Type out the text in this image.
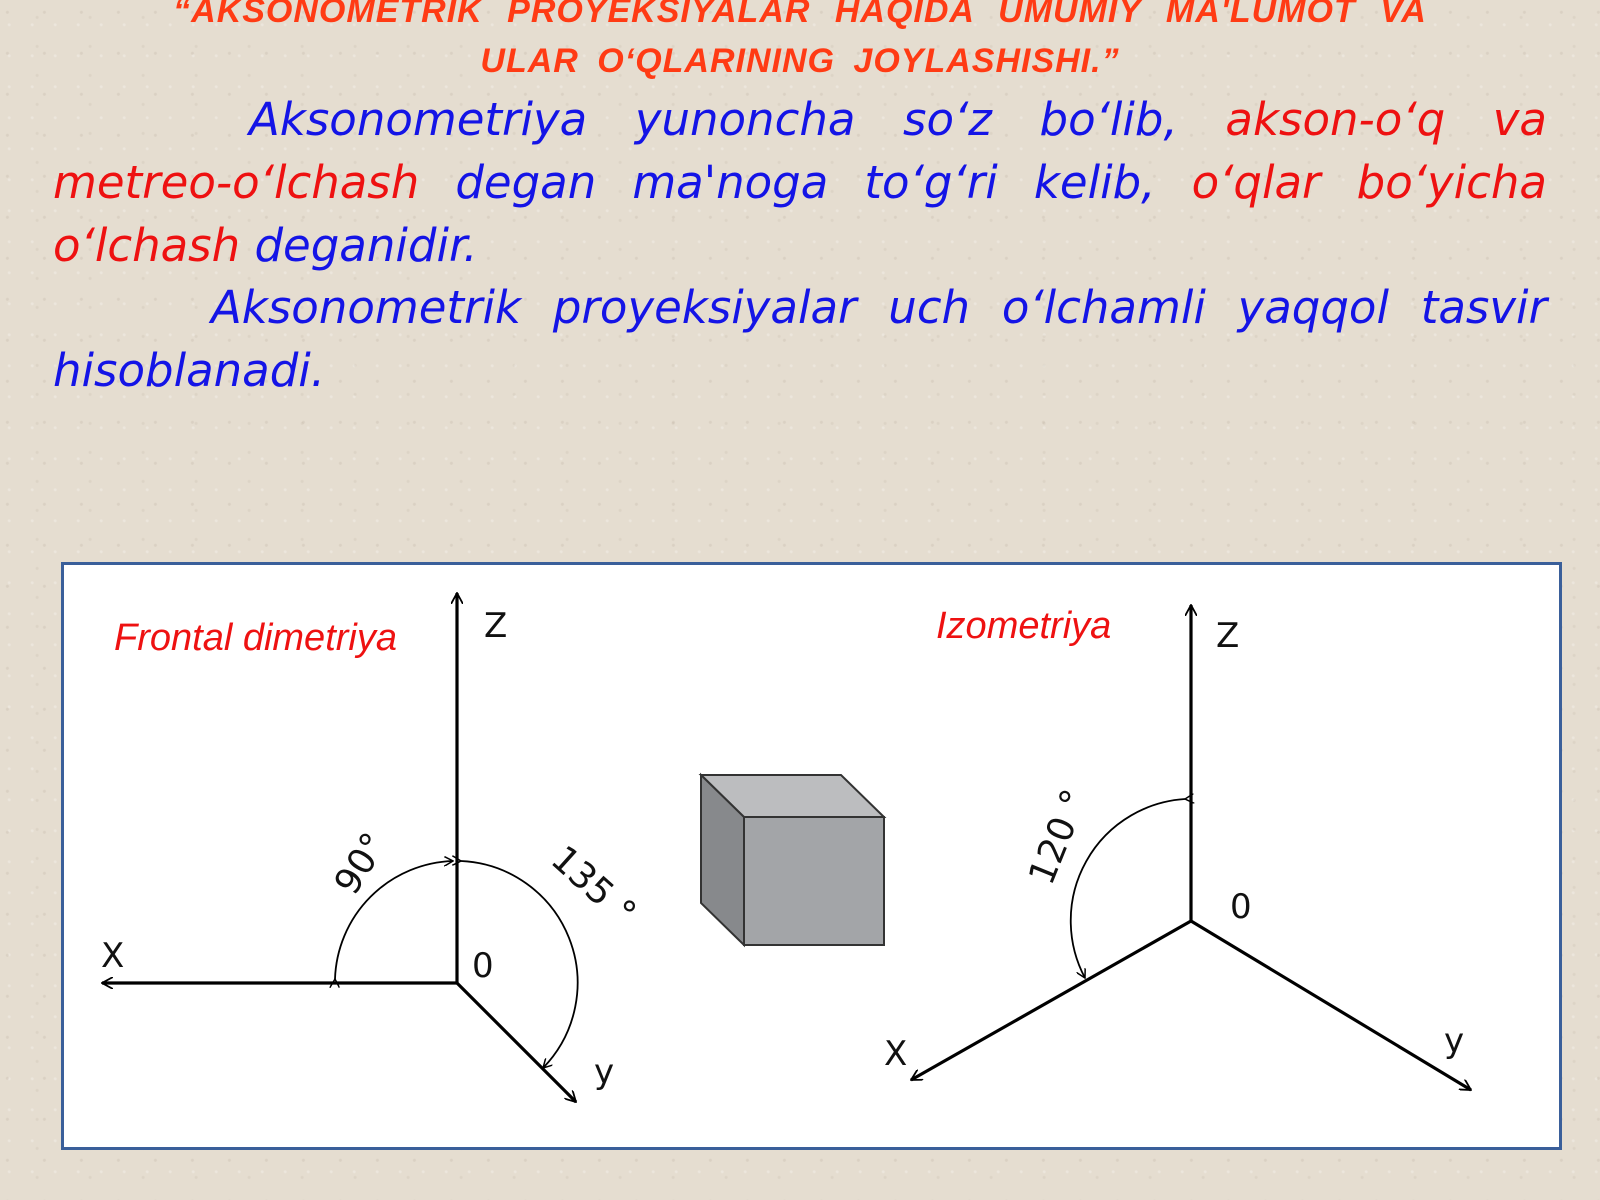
“AKSONOMETRIK PROYEKSIYALAR HAQIDA UMUMIY MA'LUMOT VA
ULAR O‘QLARINING JOYLASHISHI.”

Aksonometriya yunoncha so‘z bo‘lib, akson-o‘q va metreo-o‘lchash degan ma'noga to‘g‘ri kelib, o‘qlar bo‘yicha o‘lchash deganidir.

Aksonometrik proyeksiyalar uch o‘lchamli yaqqol tasvir hisoblanadi.

Frontal dimetriya	Z
X
y
0
90°	135 °
Izometriya	Z
X	y
0
120 °
